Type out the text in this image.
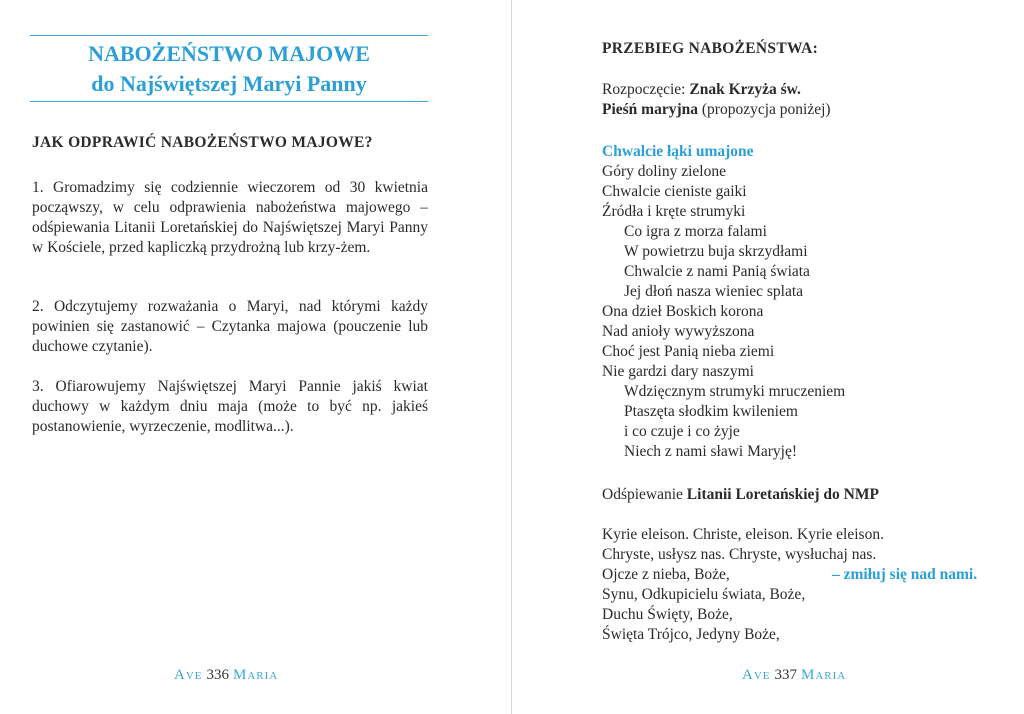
NABOŻEŃSTWO MAJOWE
do Najświętszej Maryi Panny
JAK ODPRAWIĆ NABOŻEŃSTWO MAJOWE?

1. Gromadzimy się codziennie wieczorem od 30 kwietnia począwszy, w celu odprawienia nabożeństwa majowego – odśpiewania Litanii Loretańskiej do Najświętszej Maryi Panny w Kościele, przed kapliczką przydrożną lub krzy-żem.

2. Odczytujemy rozważania o Maryi, nad którymi każdy powinien się zastanowić – Czytanka majowa (pouczenie lub duchowe czytanie).

3. Ofiarowujemy Najświętszej Maryi Pannie jakiś kwiat duchowy w każdym dniu maja (może to być np. jakieś postanowienie, wyrzeczenie, modlitwa...).

Ave 336 Maria
PRZEBIEG NABOŻEŃSTWA:
Rozpoczęcie: Znak Krzyża św.
Pieśń maryjna (propozycja poniżej)
Chwalcie łąki umajone
Góry doliny zielone
Chwalcie cieniste gaiki
Źródła i kręte strumyki
Co igra z morza falami
W powietrzu buja skrzydłami
Chwalcie z nami Panią świata
Jej dłoń nasza wieniec splata
Ona dzieł Boskich korona
Nad anioły wywyższona
Choć jest Panią nieba ziemi
Nie gardzi dary naszymi
Wdzięcznym strumyki mruczeniem
Ptaszęta słodkim kwileniem
i co czuje i co żyje
Niech z nami sławi Maryję!
Odśpiewanie Litanii Loretańskiej do NMP
Kyrie eleison. Christe, eleison. Kyrie eleison.
Chryste, usłysz nas. Chryste, wysłuchaj nas.
Ojcze z nieba, Boże,	– zmiłuj się nad nami.
Synu, Odkupicielu świata, Boże,
Duchu Święty, Boże,
Święta Trójco, Jedyny Boże,
Ave 337 Maria
